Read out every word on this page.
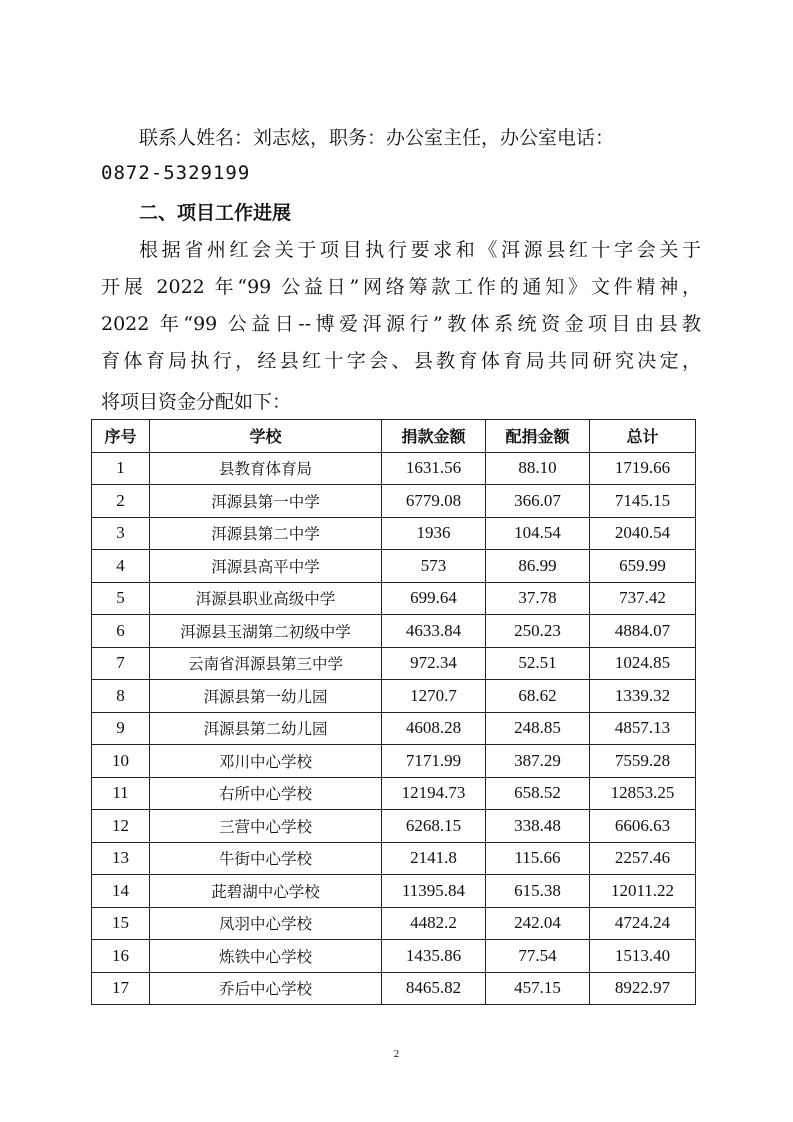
联系人姓名：刘志炫，职务：办公室主任，办公室电话：

0872-5329199

二、项目工作进展

根据省州红会关于项目执行要求和《洱源县红十字会关于

开展 2022 年“99 公益日”网络筹款工作的通知》文件精神，

2022 年“99 公益日--博爱洱源行”教体系统资金项目由县教

育体育局执行，经县红十字会、县教育体育局共同研究决定，

将项目资金分配如下：

序号	学校	捐款金额	配捐金额	总计
1	县教育体育局	1631.56	88.10	1719.66
2	洱源县第一中学	6779.08	366.07	7145.15
3	洱源县第二中学	1936	104.54	2040.54
4	洱源县高平中学	573	86.99	659.99
5	洱源县职业高级中学	699.64	37.78	737.42
6	洱源县玉湖第二初级中学	4633.84	250.23	4884.07
7	云南省洱源县第三中学	972.34	52.51	1024.85
8	洱源县第一幼儿园	1270.7	68.62	1339.32
9	洱源县第二幼儿园	4608.28	248.85	4857.13
10	邓川中心学校	7171.99	387.29	7559.28
11	右所中心学校	12194.73	658.52	12853.25
12	三营中心学校	6268.15	338.48	6606.63
13	牛街中心学校	2141.8	115.66	2257.46
14	茈碧湖中心学校	11395.84	615.38	12011.22
15	凤羽中心学校	4482.2	242.04	4724.24
16	炼铁中心学校	1435.86	77.54	1513.40
17	乔后中心学校	8465.82	457.15	8922.97
2
